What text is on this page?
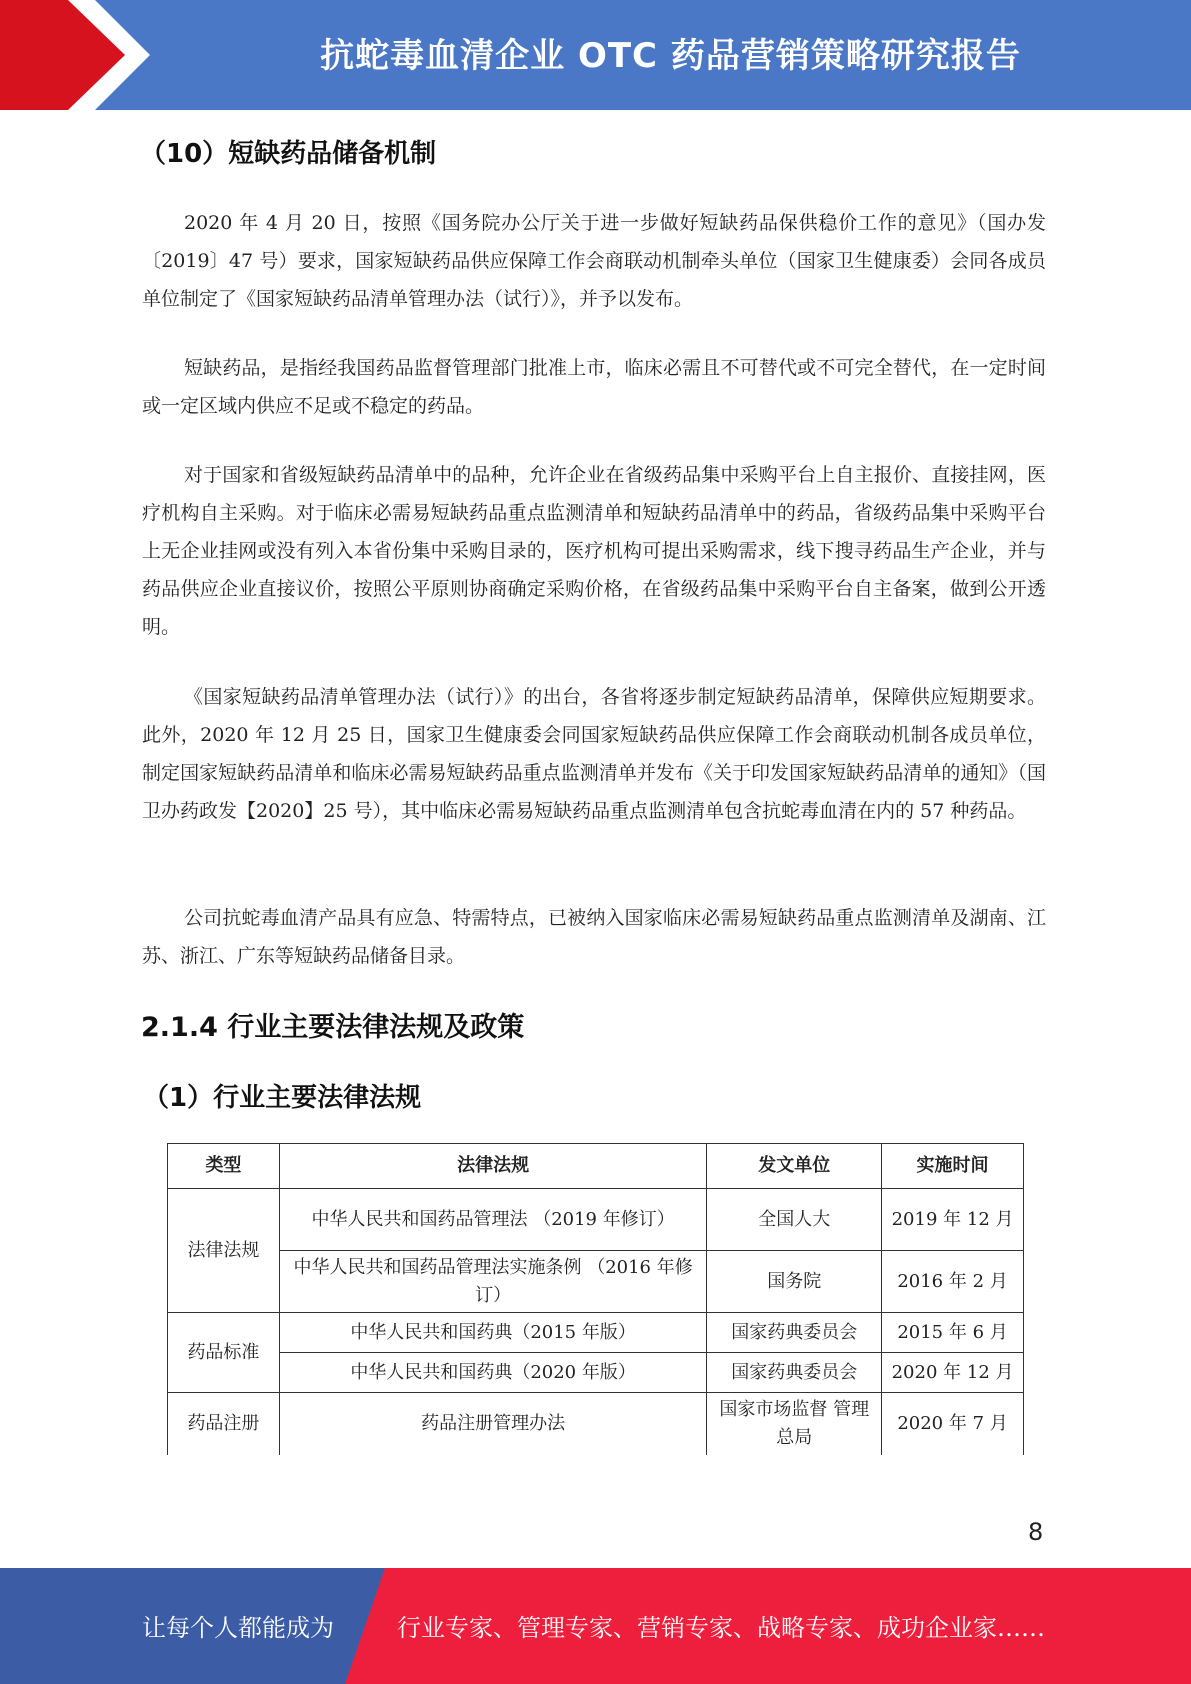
抗蛇毒血清企业 OTC 药品营销策略研究报告
（10）短缺药品储备机制

2020 年 4 月 20 日，按照《国务院办公厅关于进一步做好短缺药品保供稳价工作的意见》（国办发〔2019〕47 号）要求，国家短缺药品供应保障工作会商联动机制牵头单位（国家卫生健康委）会同各成员单位制定了《国家短缺药品清单管理办法（试行）》，并予以发布。

短缺药品，是指经我国药品监督管理部门批准上市，临床必需且不可替代或不可完全替代，在一定时间或一定区域内供应不足或不稳定的药品。

对于国家和省级短缺药品清单中的品种，允许企业在省级药品集中采购平台上自主报价、直接挂网，医疗机构自主采购。对于临床必需易短缺药品重点监测清单和短缺药品清单中的药品，省级药品集中采购平台上无企业挂网或没有列入本省份集中采购目录的，医疗机构可提出采购需求，线下搜寻药品生产企业，并与药品供应企业直接议价，按照公平原则协商确定采购价格，在省级药品集中采购平台自主备案，做到公开透明。

《国家短缺药品清单管理办法（试行）》的出台，各省将逐步制定短缺药品清单，保障供应短期要求。此外，2020 年 12 月 25 日，国家卫生健康委会同国家短缺药品供应保障工作会商联动机制各成员单位，制定国家短缺药品清单和临床必需易短缺药品重点监测清单并发布《关于印发国家短缺药品清单的通知》（国卫办药政发【2020】25 号），其中临床必需易短缺药品重点监测清单包含抗蛇毒血清在内的 57 种药品。

公司抗蛇毒血清产品具有应急、特需特点，已被纳入国家临床必需易短缺药品重点监测清单及湖南、江苏、浙江、广东等短缺药品储备目录。

2.1.4 行业主要法律法规及政策
（1）行业主要法律法规
类型	法律法规	发文单位	实施时间
法律法规	中华人民共和国药品管理法 （2019 年修订）	全国人大	2019 年 12 月
	中华人民共和国药品管理法实施条例 （2016 年修订）	国务院	2016 年 2 月
药品标准	中华人民共和国药典（2015 年版）	国家药典委员会	2015 年 6 月
	中华人民共和国药典（2020 年版）	国家药典委员会	2020 年 12 月
药品注册	药品注册管理办法	国家市场监督 管理总局	2020 年 7 月
8
让每个人都能成为	行业专家、管理专家、营销专家、战略专家、成功企业家……
